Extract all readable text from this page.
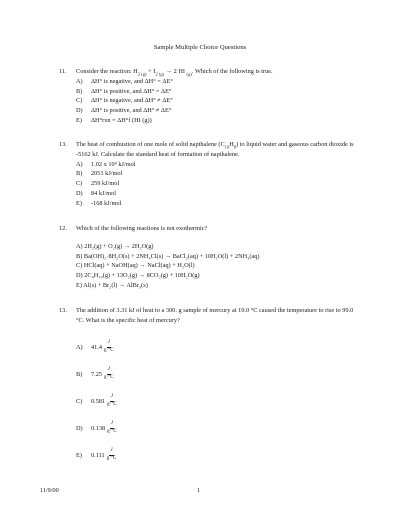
Sample Multiple Choice Questions
11. Consider the reaction: $H_{2 (g)} + I_{2 (g)} \to 2$ HI $_{(g)}$. Which of the following is true.
A) ΔH° is negative, and ΔH° = ΔE°
B) ΔH° is positive, and ΔH° = ΔE°
C) ΔH° is negative, and ΔH° ≠ ΔE°
D) ΔH° is positive, and ΔH° ≠ ΔE°
E) ΔH°rxn = ΔH°f (HI (g))
13. The heat of combustion of one mole of solid napthalene $(C_{10}H_8)$ to liquid water and gaseous carbon dioxide is -5162 kJ. Calculate the standard heat of formation of napthalene.
A) 1.02 x 10⁴ kJ/mol
B) 2051 kJ/mol
C) 259 kJ/mol
D) 84 kJ/mol
E) -168 kJ/mol
12. Which of the following reactions is not exothermic?
A) 2H₂(g) + O₂(g) → 2H₂O(g)
B) Ba(OH)₂·8H₂O(s) + 2NH₄Cl(s) → BaCl₂(aq) + 10H₂O(l) + 2NH₃(aq)
C) HCl(aq) + NaOH(aq) → NaCl(aq) + H₂O(l)
D) 2C₄H₁₀(g) + 13O₂(g) → 8CO₂(g) + 10H₂O(g)
E) Al(s) + Br₂(l) → AlBr₃(s)
13. The addition of 3.31 kJ of heat to a 300. g sample of mercury at 19.0 °C caused the temperature to rise to 99.0 °C. What is the specific heat of mercury?
A)	$41.4 \frac{J}{g\cdot^\circ C}$
B)	$7.25 \frac{J}{g\cdot^\circ C}$
C)	$0.581 \frac{J}{g\cdot^\circ C}$
D)	$0.138 \frac{J}{g\cdot^\circ C}$
E)	$0.111 \frac{J}{g\cdot^\circ C}$
11/9/00	1
